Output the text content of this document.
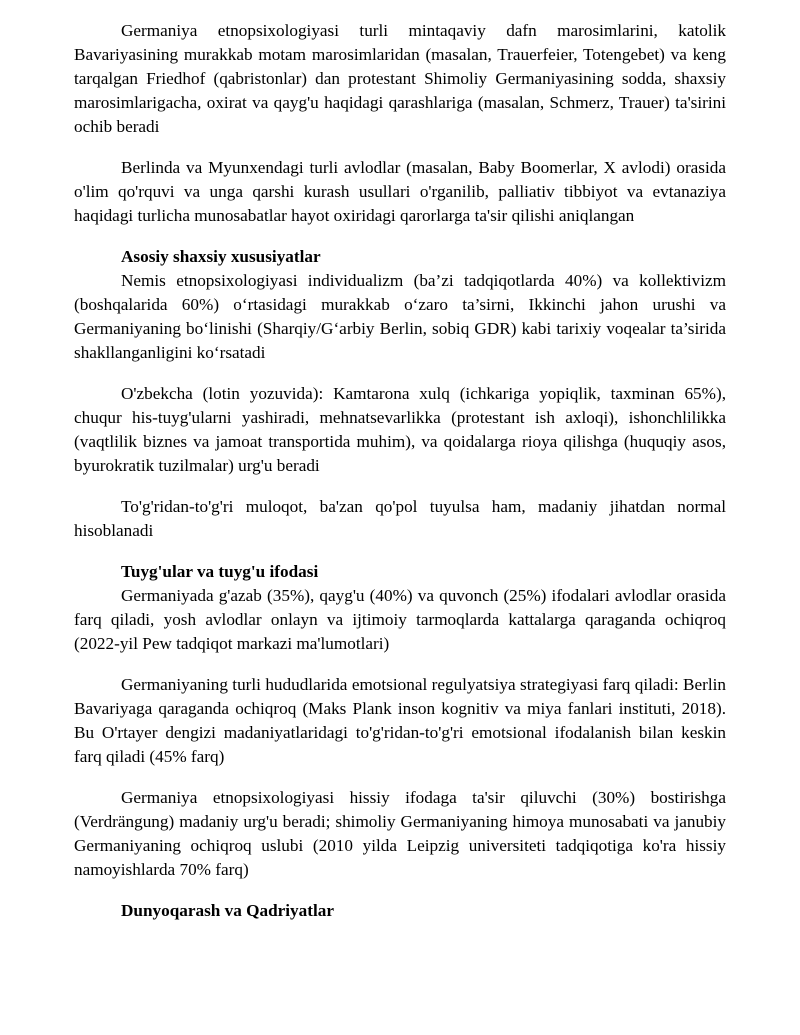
Germaniya etnopsixologiyasi turli mintaqaviy dafn marosimlarini, katolik Bavariyasining murakkab motam marosimlaridan (masalan, Trauerfeier, Totengebet) va keng tarqalgan Friedhof (qabristonlar) dan protestant Shimoliy Germaniyasining sodda, shaxsiy marosimlarigacha, oxirat va qayg'u haqidagi qarashlariga (masalan, Schmerz, Trauer) ta'sirini ochib beradi

Berlinda va Myunxendagi turli avlodlar (masalan, Baby Boomerlar, X avlodi) orasida o'lim qo'rquvi va unga qarshi kurash usullari o'rganilib, palliativ tibbiyot va evtanaziya haqidagi turlicha munosabatlar hayot oxiridagi qarorlarga ta'sir qilishi aniqlangan

Asosiy shaxsiy xususiyatlar

Nemis etnopsixologiyasi individualizm (ba’zi tadqiqotlarda 40%) va kollektivizm (boshqalarida 60%) o‘rtasidagi murakkab o‘zaro ta’sirni, Ikkinchi jahon urushi va Germaniyaning bo‘linishi (Sharqiy/G‘arbiy Berlin, sobiq GDR) kabi tarixiy voqealar ta’sirida shakllanganligini ko‘rsatadi

O'zbekcha (lotin yozuvida): Kamtarona xulq (ichkariga yopiqlik, taxminan 65%), chuqur his-tuyg'ularni yashiradi, mehnatsevarlikka (protestant ish axloqi), ishonchlilikka (vaqtlilik biznes va jamoat transportida muhim), va qoidalarga rioya qilishga (huquqiy asos, byurokratik tuzilmalar) urg'u beradi

To'g'ridan-to'g'ri muloqot, ba'zan qo'pol tuyulsa ham, madaniy jihatdan normal hisoblanadi

Tuyg'ular va tuyg'u ifodasi

Germaniyada g'azab (35%), qayg'u (40%) va quvonch (25%) ifodalari avlodlar orasida farq qiladi, yosh avlodlar onlayn va ijtimoiy tarmoqlarda kattalarga qaraganda ochiqroq (2022-yil Pew tadqiqot markazi ma'lumotlari)

Germaniyaning turli hududlarida emotsional regulyatsiya strategiyasi farq qiladi: Berlin Bavariyaga qaraganda ochiqroq (Maks Plank inson kognitiv va miya fanlari instituti, 2018). Bu O'rtayer dengizi madaniyatlaridagi to'g'ridan-to'g'ri emotsional ifodalanish bilan keskin farq qiladi (45% farq)

Germaniya etnopsixologiyasi hissiy ifodaga ta'sir qiluvchi (30%) bostirishga (Verdrängung) madaniy urg'u beradi; shimoliy Germaniyaning himoya munosabati va janubiy Germaniyaning ochiqroq uslubi (2010 yilda Leipzig universiteti tadqiqotiga ko'ra hissiy namoyishlarda 70% farq)

Dunyoqarash va Qadriyatlar
